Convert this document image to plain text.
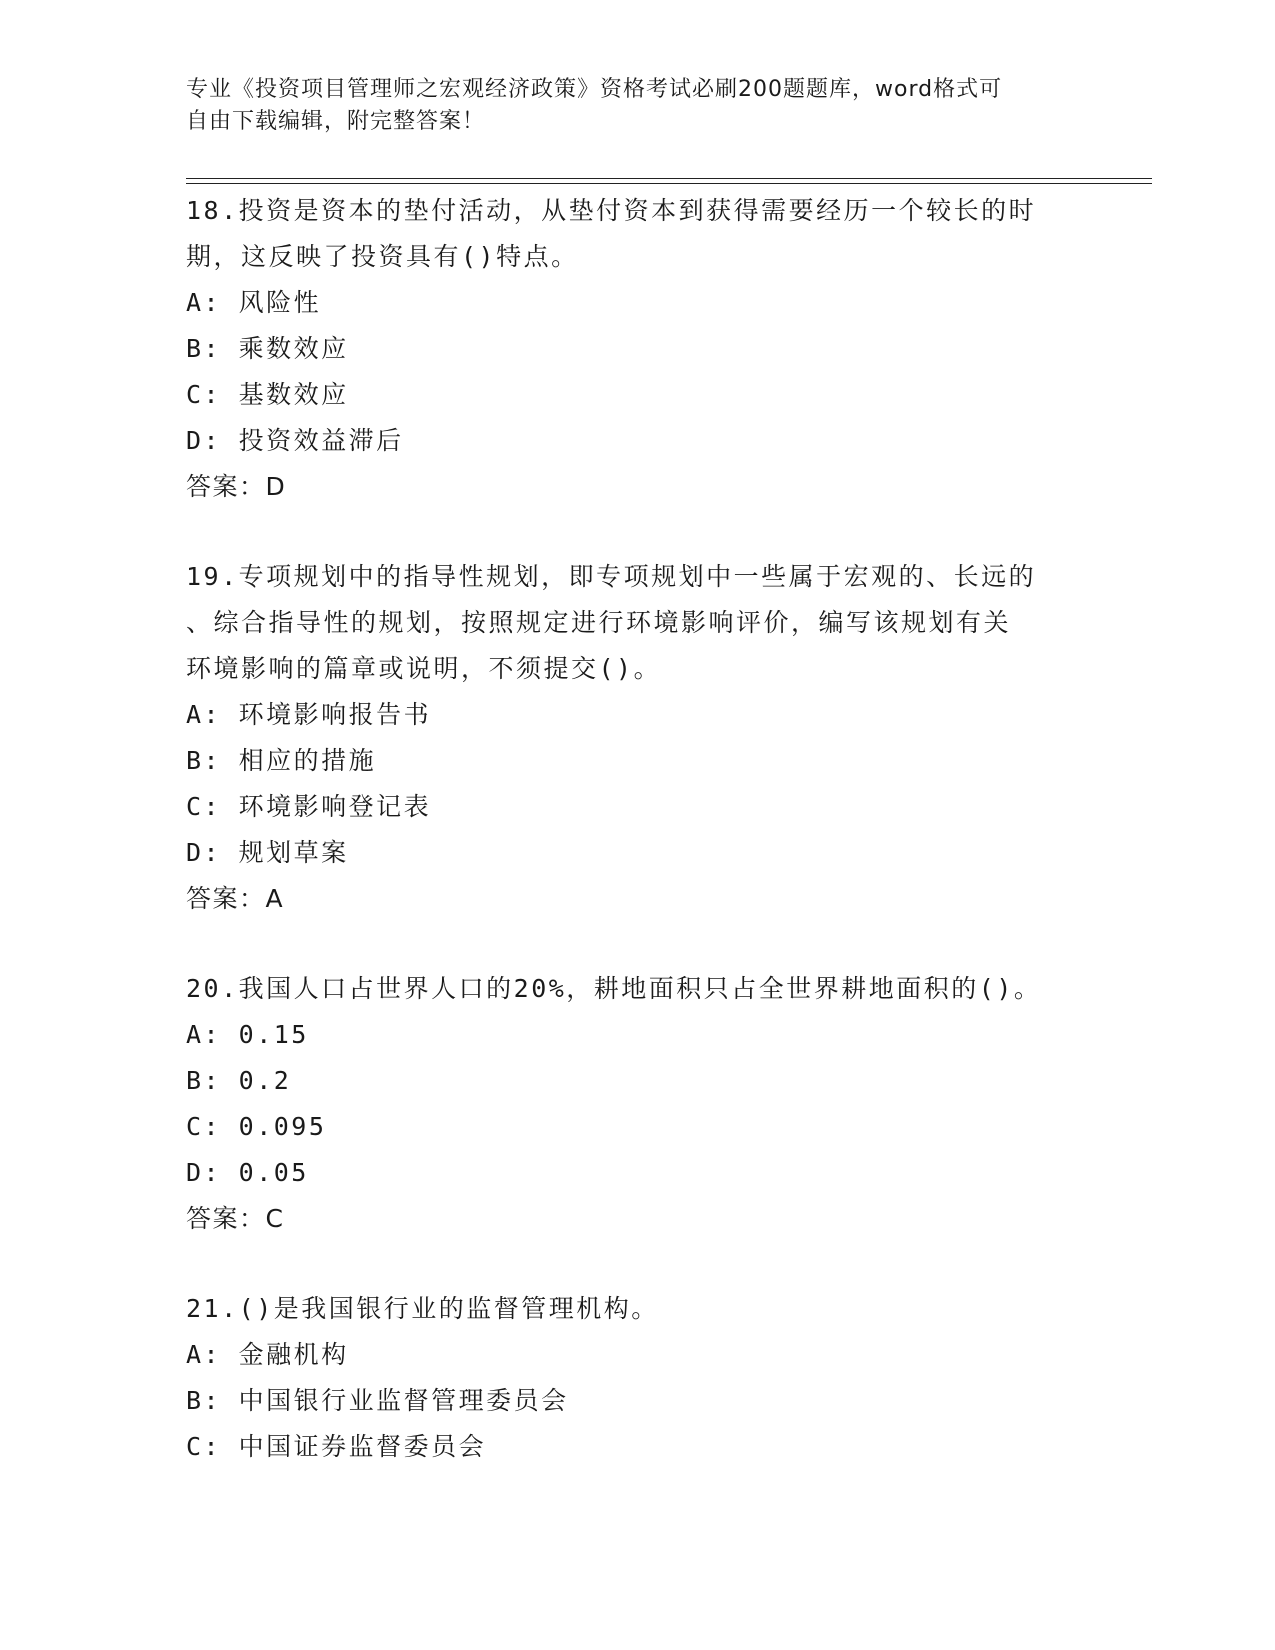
专业《投资项目管理师之宏观经济政策》资格考试必刷200题题库，word格式可
自由下载编辑，附完整答案！

18.投资是资本的垫付活动，从垫付资本到获得需要经历一个较长的时

期，这反映了投资具有()特点。

A: 风险性

B: 乘数效应

C: 基数效应

D: 投资效益滞后

答案：D

19.专项规划中的指导性规划，即专项规划中一些属于宏观的、长远的

、综合指导性的规划，按照规定进行环境影响评价，编写该规划有关

环境影响的篇章或说明，不须提交()。

A: 环境影响报告书

B: 相应的措施

C: 环境影响登记表

D: 规划草案

答案：A

20.我国人口占世界人口的20%，耕地面积只占全世界耕地面积的()。

A: 0.15

B: 0.2

C: 0.095

D: 0.05

答案：C

21.()是我国银行业的监督管理机构。

A: 金融机构

B: 中国银行业监督管理委员会

C: 中国证券监督委员会
